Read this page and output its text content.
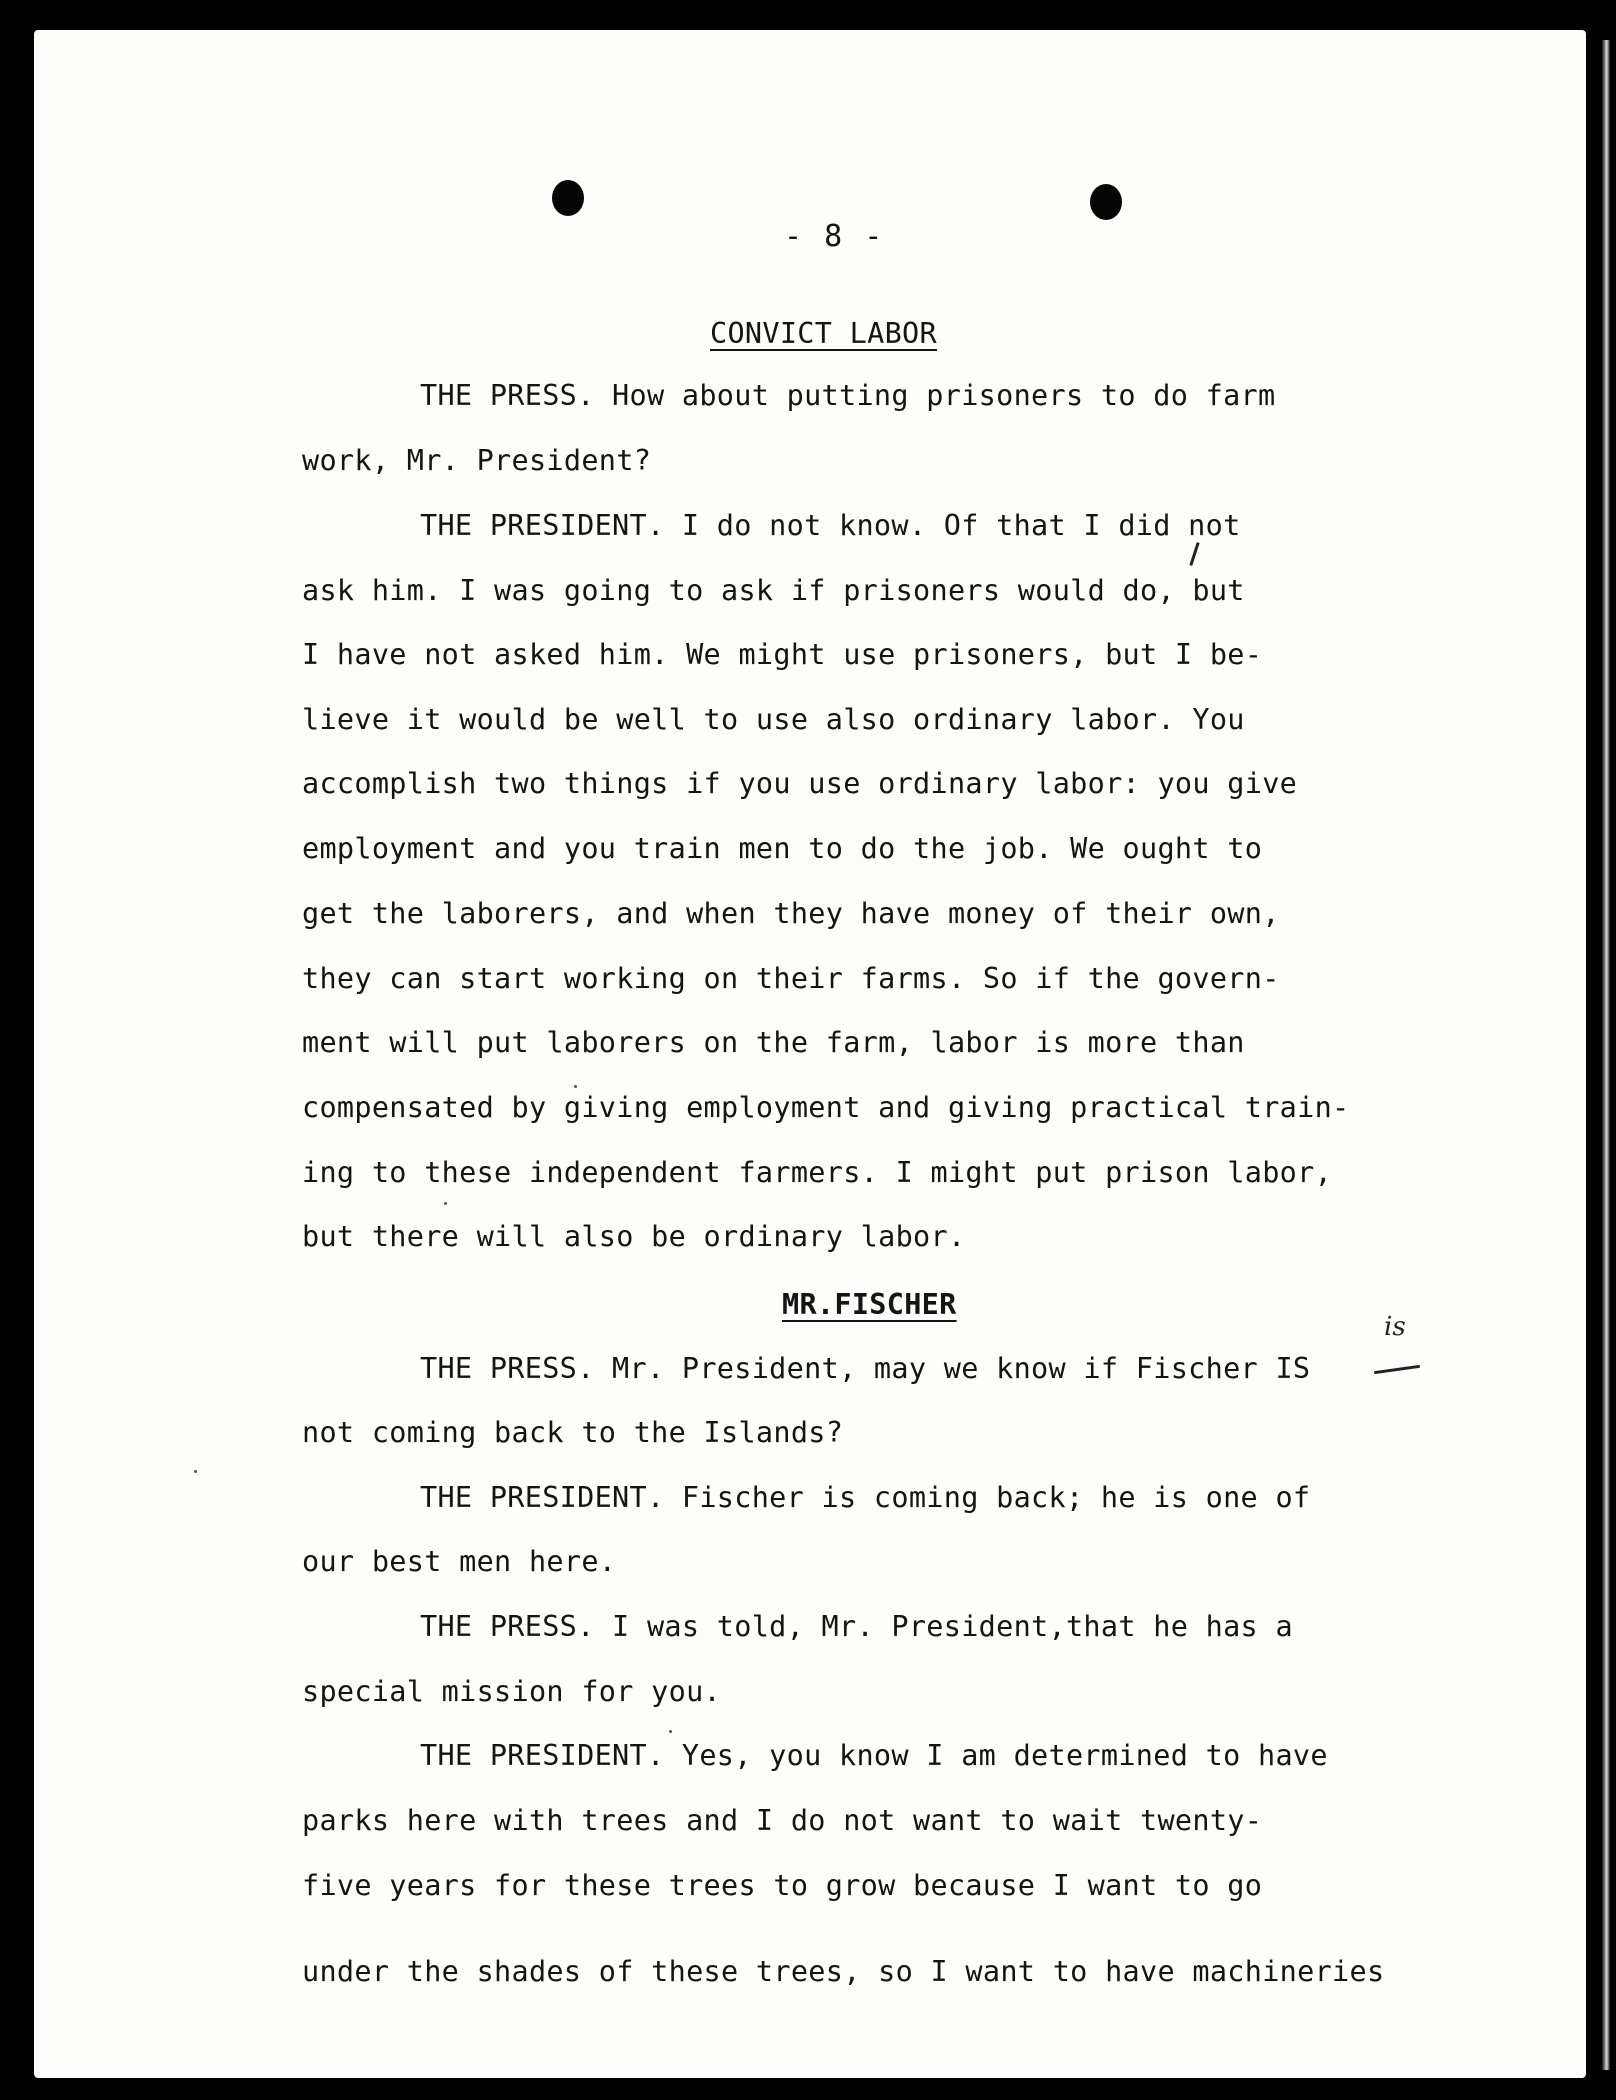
- 8 -
CONVICT LABOR
THE PRESS. How about putting prisoners to do farm
work, Mr. President?
THE PRESIDENT. I do not know. Of that I did not
ask him. I was going to ask if prisoners would do, but
I have not asked him. We might use prisoners, but I be-
lieve it would be well to use also ordinary labor. You
accomplish two things if you use ordinary labor: you give
employment and you train men to do the job. We ought to
get the laborers, and when they have money of their own,
they can start working on their farms. So if the govern-
ment will put laborers on the farm, labor is more than
compensated by giving employment and giving practical train-
ing to these independent farmers. I might put prison labor,
but there will also be ordinary labor.
MR.FISCHER
THE PRESS. Mr. President, may we know if Fischer IS
not coming back to the Islands?
THE PRESIDENT. Fischer is coming back; he is one of
our best men here.
THE PRESS. I was told, Mr. President,that he has a
special mission for you.
THE PRESIDENT. Yes, you know I am determined to have
parks here with trees and I do not want to wait twenty-
five years for these trees to grow because I want to go
under the shades of these trees, so I want to have machineries
is
